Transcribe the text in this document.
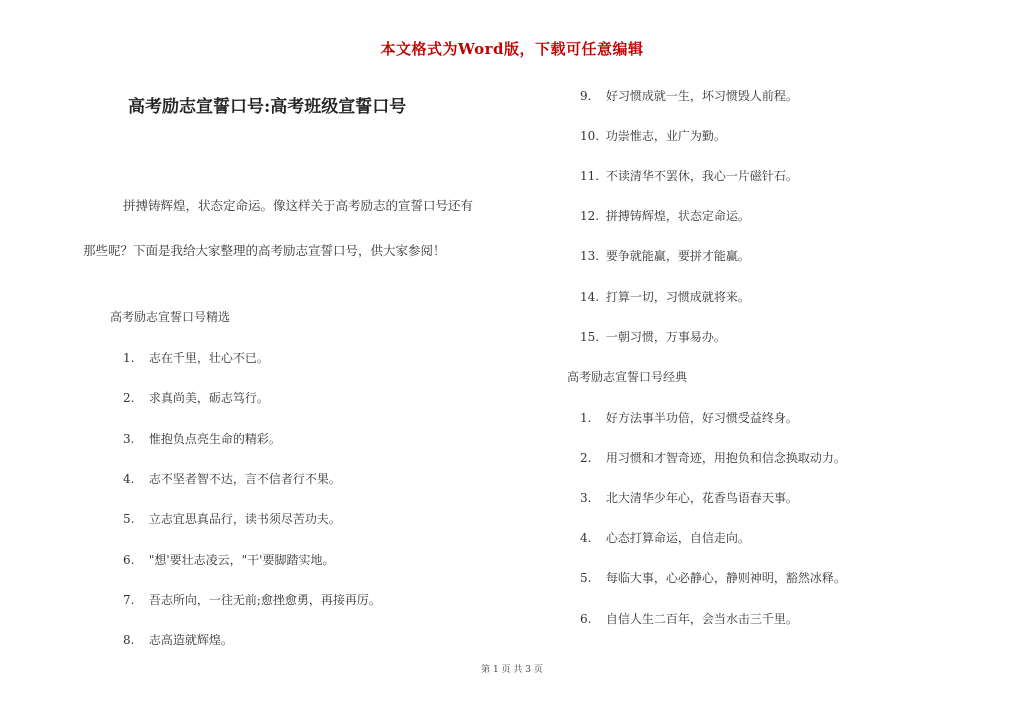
本文格式为Word版，下载可任意编辑
高考励志宣誓口号:高考班级宣誓口号
拼搏铸辉煌，状态定命运。像这样关于高考励志的宣誓口号还有
那些呢？下面是我给大家整理的高考励志宣誓口号，供大家参阅！
高考励志宣誓口号精选
1. 志在千里，壮心不已。
2. 求真尚美，砺志笃行。
3. 惟抱负点亮生命的精彩。
4. 志不坚者智不达，言不信者行不果。
5. 立志宜思真品行，读书须尽苦功夫。
6. "想'要壮志凌云，"干'要脚踏实地。
7. 吾志所向，一往无前;愈挫愈勇，再接再厉。
8. 志高造就辉煌。
9. 好习惯成就一生，坏习惯毁人前程。
10. 功崇惟志，业广为勤。
11. 不读清华不罢休，我心一片磁针石。
12. 拼搏铸辉煌，状态定命运。
13. 要争就能赢，要拼才能赢。
14. 打算一切，习惯成就将来。
15. 一朝习惯，万事易办。
高考励志宣誓口号经典
1. 好方法事半功倍，好习惯受益终身。
2. 用习惯和才智奇迹，用抱负和信念换取动力。
3. 北大清华少年心，花香鸟语春天事。
4. 心态打算命运，自信走向。
5. 每临大事，心必静心，静则神明，豁然冰释。
6. 自信人生二百年，会当水击三千里。
第 1 页 共 3 页
